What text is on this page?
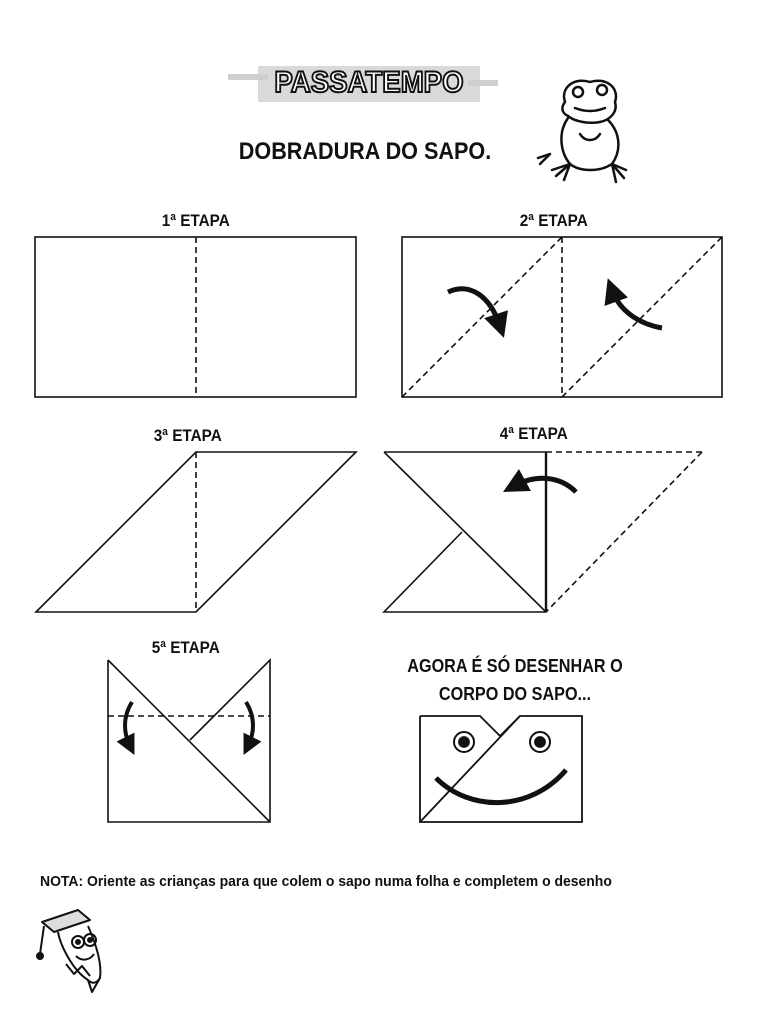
PASSATEMPO
DOBRADURA DO SAPO.
1ª ETAPA	2ª ETAPA
3ª ETAPA	4ª ETAPA
5ª ETAPA
AGORA É SÓ DESENHAR O
CORPO DO SAPO...
NOTA: Oriente as crianças para que colem o sapo numa folha e completem o desenho
